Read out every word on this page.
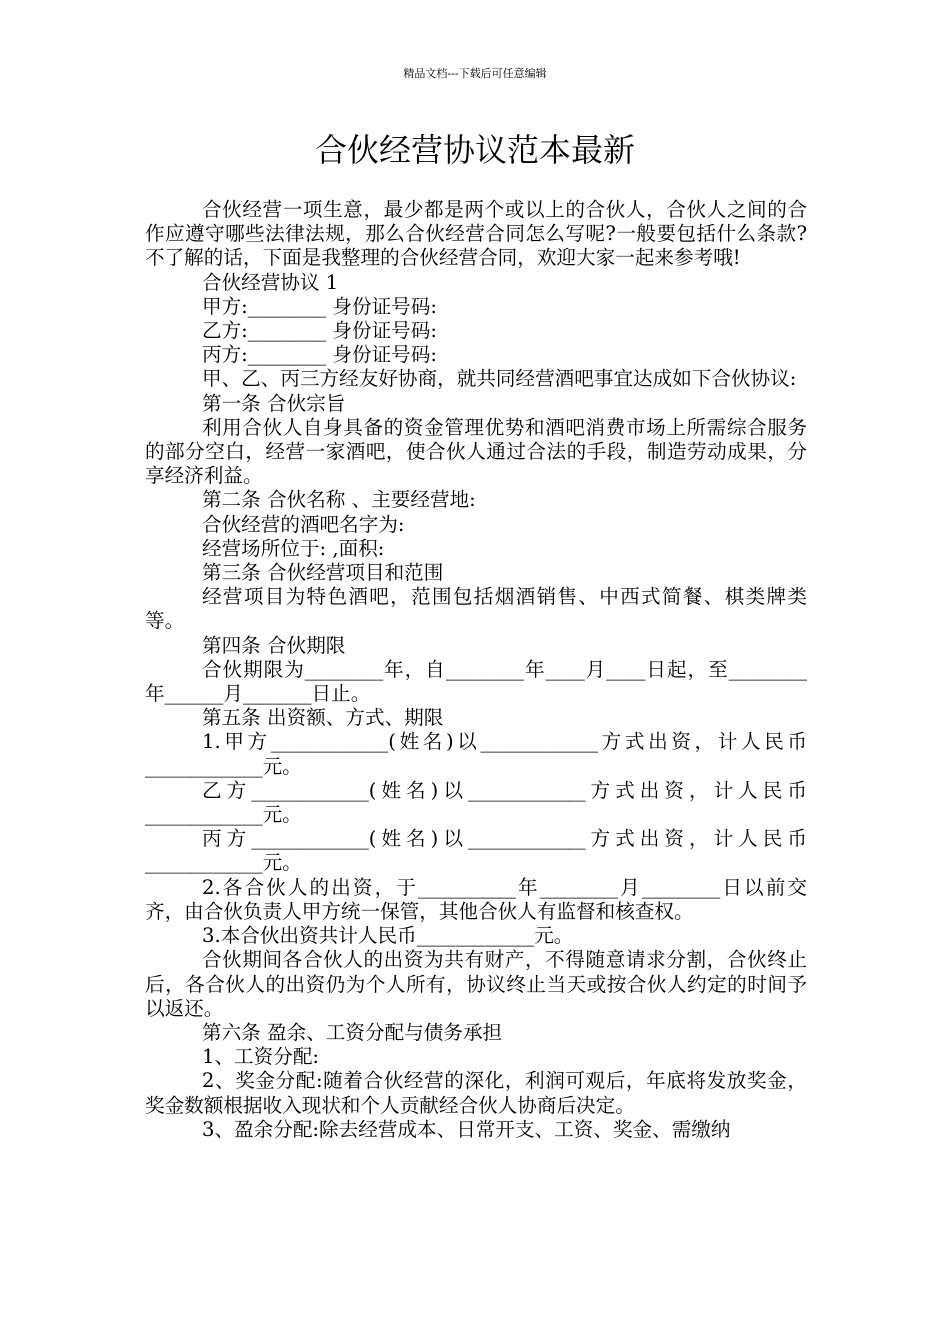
精品文档---下载后可任意编辑
合伙经营协议范本最新

合伙经营一项生意，最少都是两个或以上的合伙人，合伙人之间的合作应遵守哪些法律法规，那么合伙经营合同怎么写呢?一般要包括什么条款?不了解的话，下面是我整理的合伙经营合同，欢迎大家一起来参考哦!

合伙经营协议 1

甲方:________ 身份证号码:

乙方:________ 身份证号码:

丙方:________ 身份证号码:

甲、乙、丙三方经友好协商，就共同经营酒吧事宜达成如下合伙协议:

第一条 合伙宗旨

利用合伙人自身具备的资金管理优势和酒吧消费市场上所需综合服务的部分空白，经营一家酒吧，使合伙人通过合法的手段，制造劳动成果，分享经济利益。

第二条 合伙名称 、主要经营地:

合伙经营的酒吧名字为:

经营场所位于: ,面积:

第三条 合伙经营项目和范围

经营项目为特色酒吧，范围包括烟酒销售、中西式简餐、棋类牌类等。

第四条 合伙期限

合伙期限为________年，自________年____月____日起，至________年______月_______日止。

第五条 出资额、方式、期限

1.甲方____________(姓名)以____________方式出资，计人民币____________元。

乙方____________(姓名)以____________方式出资，计人民币____________元。

丙方____________(姓名)以____________方式出资，计人民币____________元。

2.各合伙人的出资，于__________年________月________日以前交齐，由合伙负责人甲方统一保管，其他合伙人有监督和核查权。

3.本合伙出资共计人民币____________元。

合伙期间各合伙人的出资为共有财产，不得随意请求分割，合伙终止后，各合伙人的出资仍为个人所有，协议终止当天或按合伙人约定的时间予以返还。

第六条 盈余、工资分配与债务承担

1、工资分配:

2、奖金分配:随着合伙经营的深化，利润可观后，年底将发放奖金，奖金数额根据收入现状和个人贡献经合伙人协商后决定。

3、盈余分配:除去经营成本、日常开支、工资、奖金、需缴纳
